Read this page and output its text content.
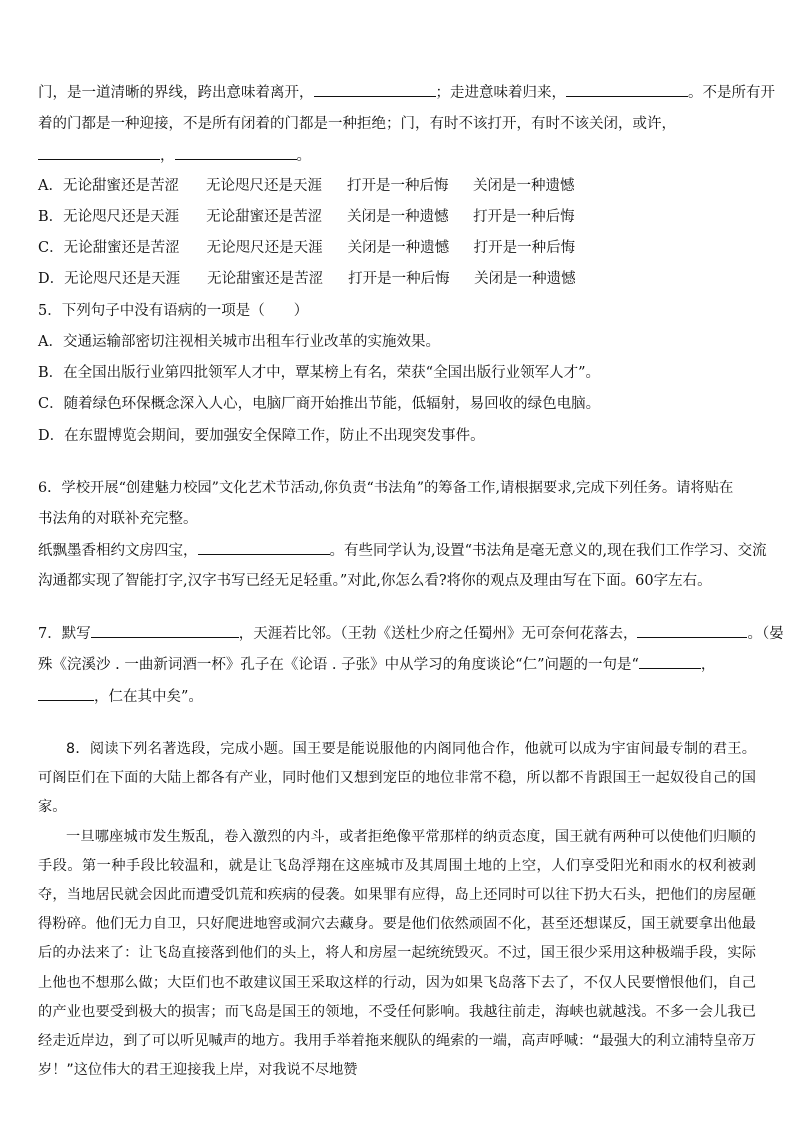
门，是一道清晰的界线，跨出意味着离开，	；走进意味着归来，	。不是所有开
着的门都是一种迎接，不是所有闭着的门都是一种拒绝；门，有时不该打开，有时不该关闭，或许，
，	。
A．无论甜蜜还是苦涩 无论咫尺还是天涯 打开是一种后悔 关闭是一种遗憾
B．无论咫尺还是天涯 无论甜蜜还是苦涩 关闭是一种遗憾 打开是一种后悔
C．无论甜蜜还是苦涩 无论咫尺还是天涯 关闭是一种遗憾 打开是一种后悔
D．无论咫尺还是天涯 无论甜蜜还是苦涩 打开是一种后悔 关闭是一种遗憾
5．下列句子中没有语病的一项是（　　）
A．交通运输部密切注视相关城市出租车行业改革的实施效果。
B．在全国出版行业第四批领军人才中，覃某榜上有名，荣获“全国出版行业领军人才”。
C．随着绿色环保概念深入人心，电脑厂商开始推出节能，低辐射，易回收的绿色电脑。
D．在东盟博览会期间，要加强安全保障工作，防止不出现突发事件。
6．学校开展“创建魅力校园”文化艺术节活动,你负责“书法角”的筹备工作,请根据要求,完成下列任务。请将贴在
书法角的对联补充完整。
纸飘墨香相约文房四宝，	。有些同学认为,设置“书法角是毫无意义的,现在我们工作学习、交流
沟通都实现了智能打字,汉字书写已经无足轻重。”对此,你怎么看?将你的观点及理由写在下面。60字左右。
7．默写	，天涯若比邻。（王勃《送杜少府之任蜀州》无可奈何花落去，	。（晏
殊《浣溪沙 . 一曲新词酒一杯》孔子在《论语 . 子张》中从学习的角度谈论“仁”问题的一句是“	，
，仁在其中矣”。

8．阅读下列名著选段，完成小题。国王要是能说服他的内阁同他合作，他就可以成为宇宙间最专制的君王。可阁臣们在下面的大陆上都各有产业，同时他们又想到宠臣的地位非常不稳，所以都不肯跟国王一起奴役自己的国家。

一旦哪座城市发生叛乱，卷入激烈的内斗，或者拒绝像平常那样的纳贡态度，国王就有两种可以使他们归顺的手段。第一种手段比较温和，就是让飞岛浮翔在这座城市及其周围土地的上空，人们享受阳光和雨水的权利被剥夺，当地居民就会因此而遭受饥荒和疾病的侵袭。如果罪有应得，岛上还同时可以往下扔大石头，把他们的房屋砸得粉碎。他们无力自卫，只好爬进地窖或洞穴去藏身。要是他们依然顽固不化，甚至还想谋反，国王就要拿出他最后的办法来了：让飞岛直接落到他们的头上，将人和房屋一起统统毁灭。不过，国王很少采用这种极端手段，实际上他也不想那么做；大臣们也不敢建议国王采取这样的行动，因为如果飞岛落下去了，不仅人民要憎恨他们，自己的产业也要受到极大的损害；而飞岛是国王的领地，不受任何影响。我越往前走，海峡也就越浅。不多一会儿我已经走近岸边，到了可以听见喊声的地方。我用手举着拖来舰队的绳索的一端，高声呼喊：“最强大的利立浦特皇帝万岁！”这位伟大的君王迎接我上岸，对我说不尽地赞
